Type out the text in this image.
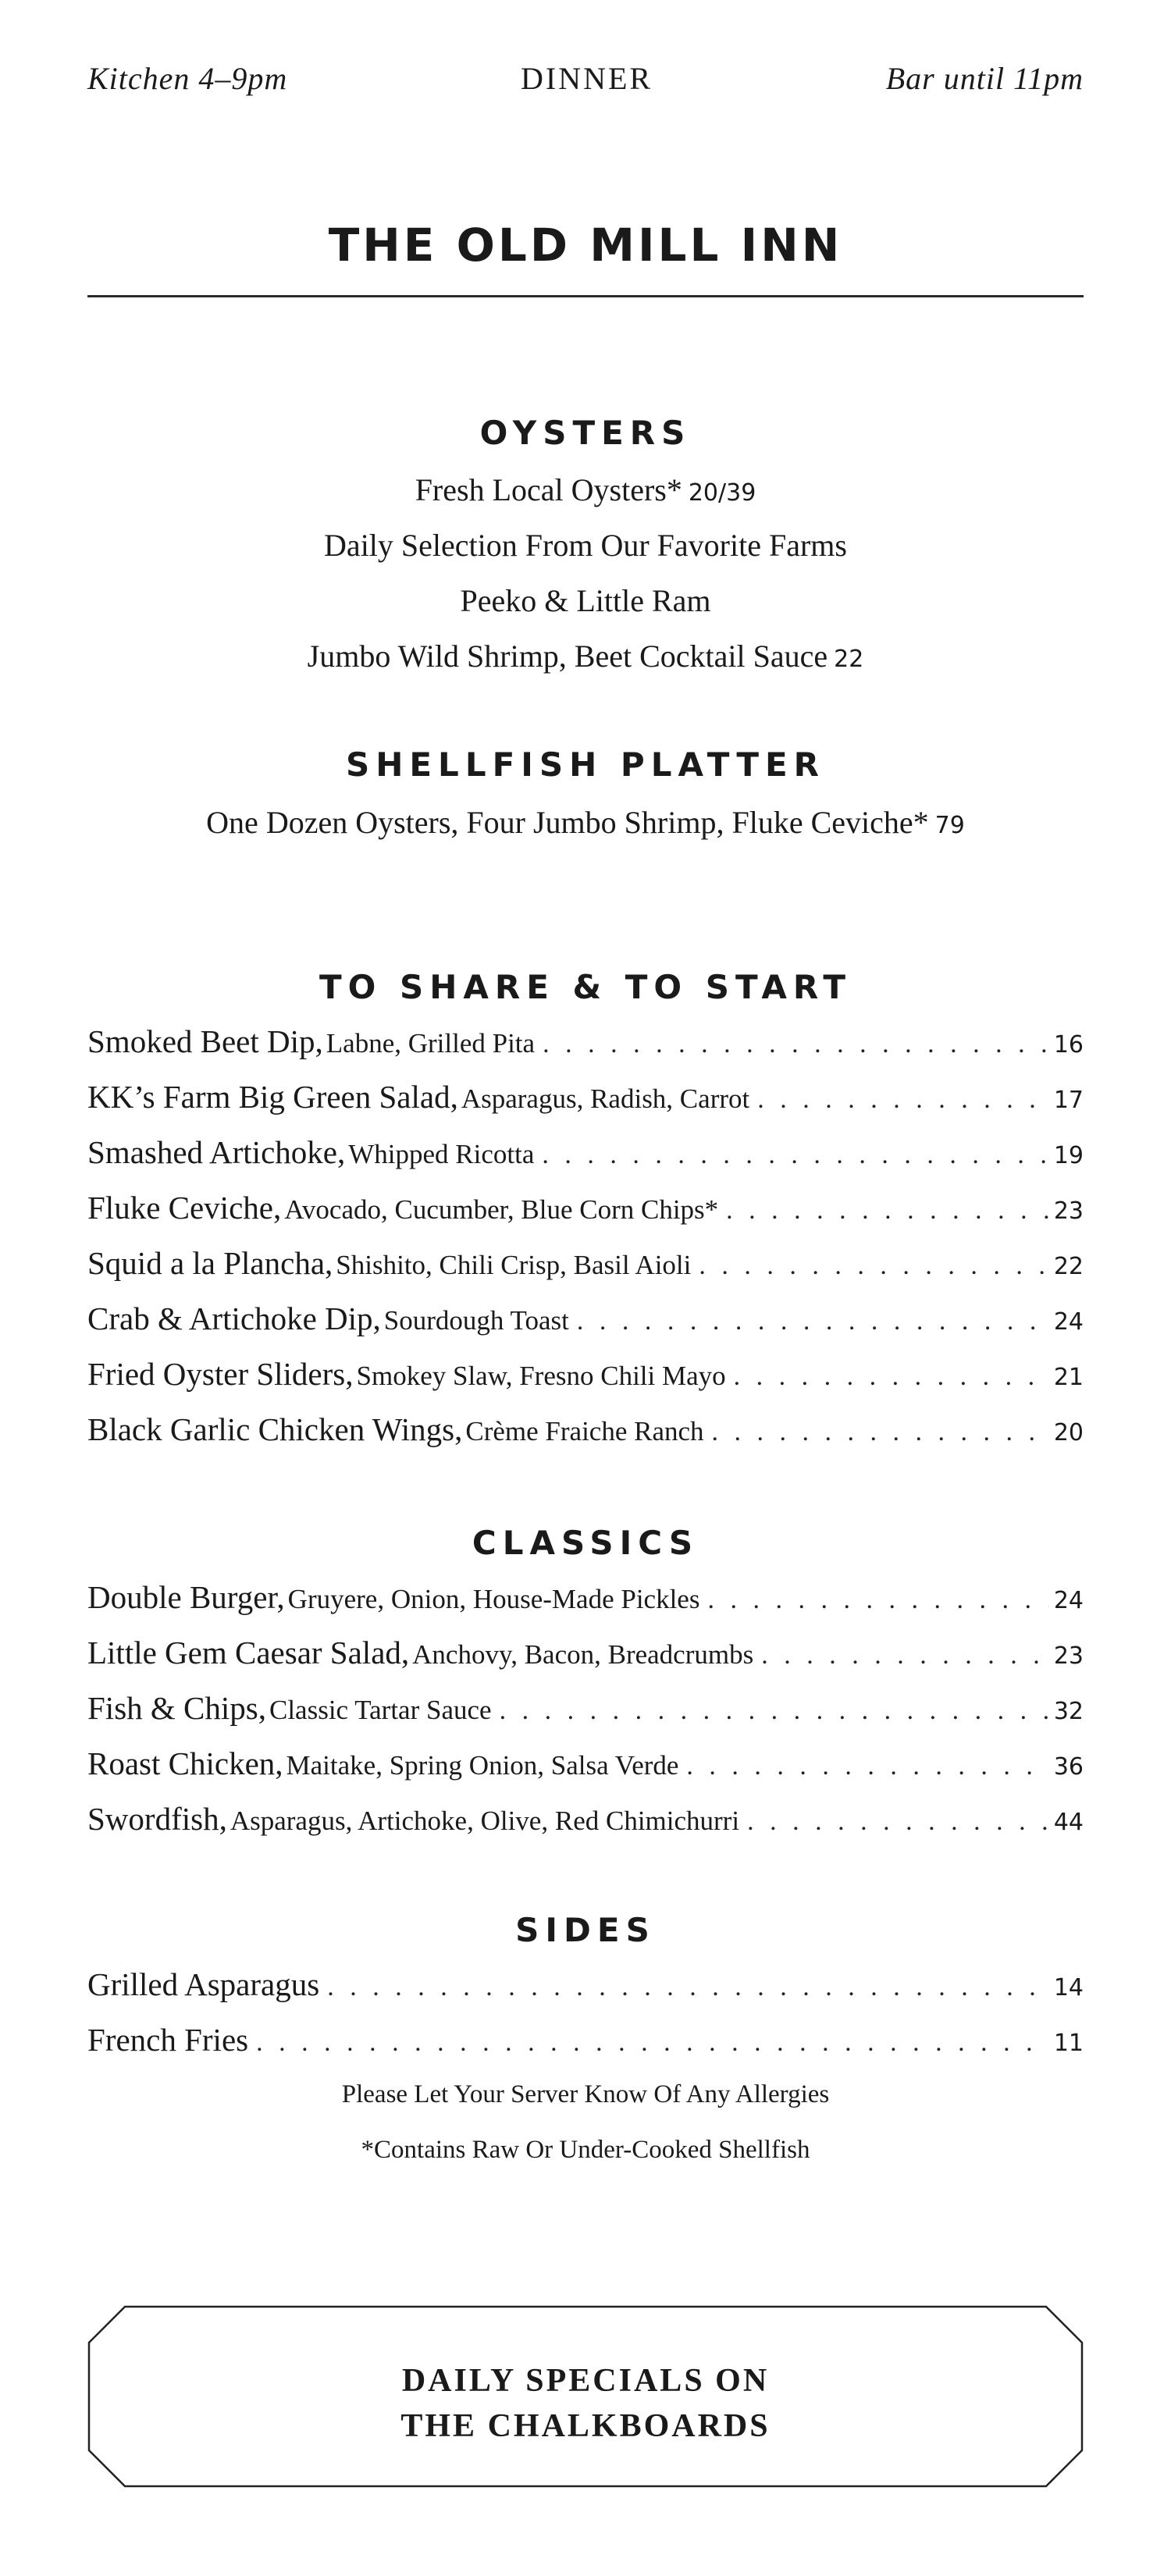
Kitchen 4–9pm	DINNER	Bar until 11pm
THE OLD MILL INN
OYSTERS
Fresh Local Oysters* 20/39
Daily Selection From Our Favorite Farms
Peeko & Little Ram
Jumbo Wild Shrimp, Beet Cocktail Sauce 22
SHELLFISH PLATTER
One Dozen Oysters, Four Jumbo Shrimp, Fluke Ceviche* 79
TO SHARE & TO START
Smoked Beet Dip,
Labne, Grilled Pita . . .	16
KK’s Farm Big Green Salad,
Asparagus, Radish, Carrot . . .	17
Smashed Artichoke,
Whipped Ricotta . . .	19
Fluke Ceviche,
Avocado, Cucumber, Blue Corn Chips* . . .	23
Squid a la Plancha,
Shishito, Chili Crisp, Basil Aioli . . .	22
Crab & Artichoke Dip,
Sourdough Toast . . .	24
Fried Oyster Sliders,
Smokey Slaw, Fresno Chili Mayo . . .	21
Black Garlic Chicken Wings,
Crème Fraiche Ranch . . .	20
CLASSICS
Double Burger,
Gruyere, Onion, House-Made Pickles . . .	24
Little Gem Caesar Salad,
Anchovy, Bacon, Breadcrumbs . . .	23
Fish & Chips,
Classic Tartar Sauce . . .	32
Roast Chicken,
Maitake, Spring Onion, Salsa Verde . . .	36
Swordfish,
Asparagus, Artichoke, Olive, Red Chimichurri . . .	44
SIDES
Grilled Asparagus . . .	14
French Fries . . .	11
Please Let Your Server Know Of Any Allergies
*Contains Raw Or Under-Cooked Shellfish
DAILY SPECIALS ON
THE CHALKBOARDS
